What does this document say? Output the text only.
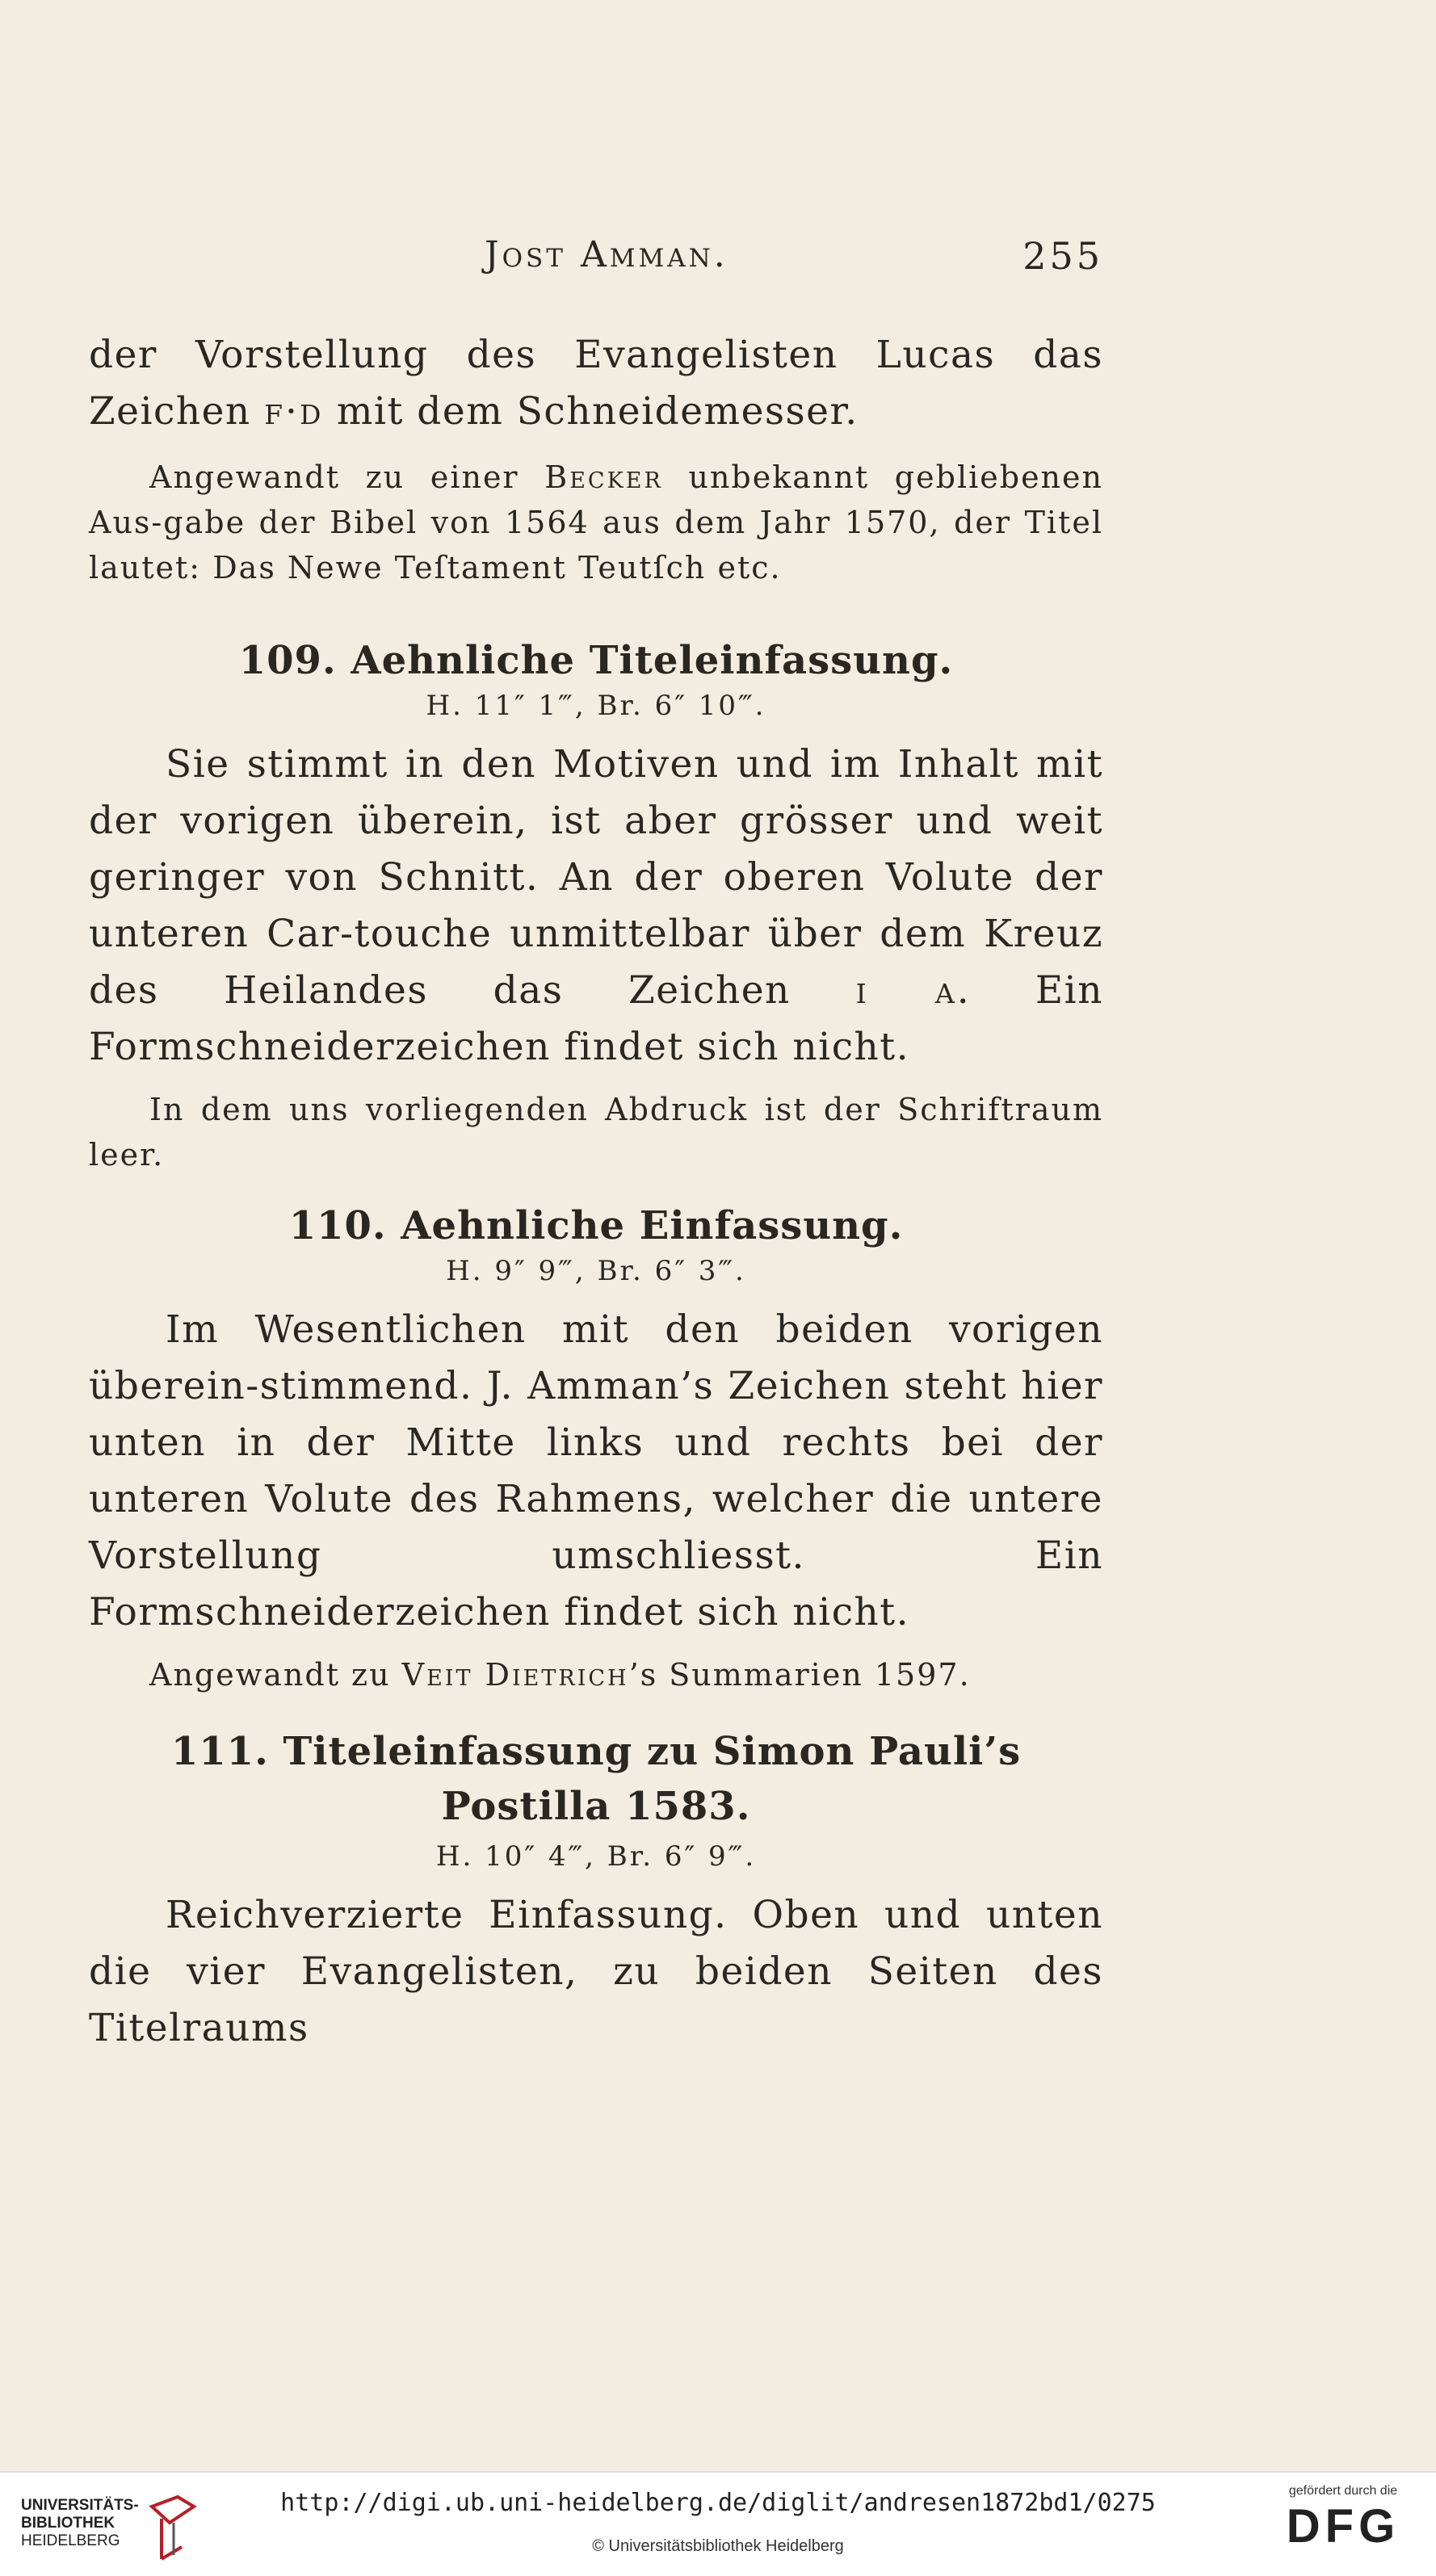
Jost Amman.	255

der Vorstellung des Evangelisten Lucas das Zeichen f·d mit dem Schneidemesser.

Angewandt zu einer Becker unbekannt gebliebenen Aus-gabe der Bibel von 1564 aus dem Jahr 1570, der Titel lautet: Das Newe Teſtament Teutſch etc.

109. Aehnliche Titeleinfassung.

H. 11″ 1‴, Br. 6″ 10‴.

Sie stimmt in den Motiven und im Inhalt mit der vorigen überein, ist aber grösser und weit geringer von Schnitt. An der oberen Volute der unteren Car-touche unmittelbar über dem Kreuz des Heilandes das Zeichen i a. Ein Formschneiderzeichen findet sich nicht.

In dem uns vorliegenden Abdruck ist der Schriftraum leer.

110. Aehnliche Einfassung.

H. 9″ 9‴, Br. 6″ 3‴.

Im Wesentlichen mit den beiden vorigen überein-stimmend. J. Amman’s Zeichen steht hier unten in der Mitte links und rechts bei der unteren Volute des Rahmens, welcher die untere Vorstellung umschliesst. Ein Formschneiderzeichen findet sich nicht.

Angewandt zu Veit Dietrich’s Summarien 1597.

111. Titeleinfassung zu Simon Pauli’s Postilla 1583.

H. 10″ 4‴, Br. 6″ 9‴.

Reichverzierte Einfassung. Oben und unten die vier Evangelisten, zu beiden Seiten des Titelraums

UNIVERSITÄTS-
BIBLIOTHEK
HEIDELBERG
http://digi.ub.uni-heidelberg.de/diglit/andresen1872bd1/0275
© Universitätsbibliothek Heidelberg
gefördert durch die
DFG
